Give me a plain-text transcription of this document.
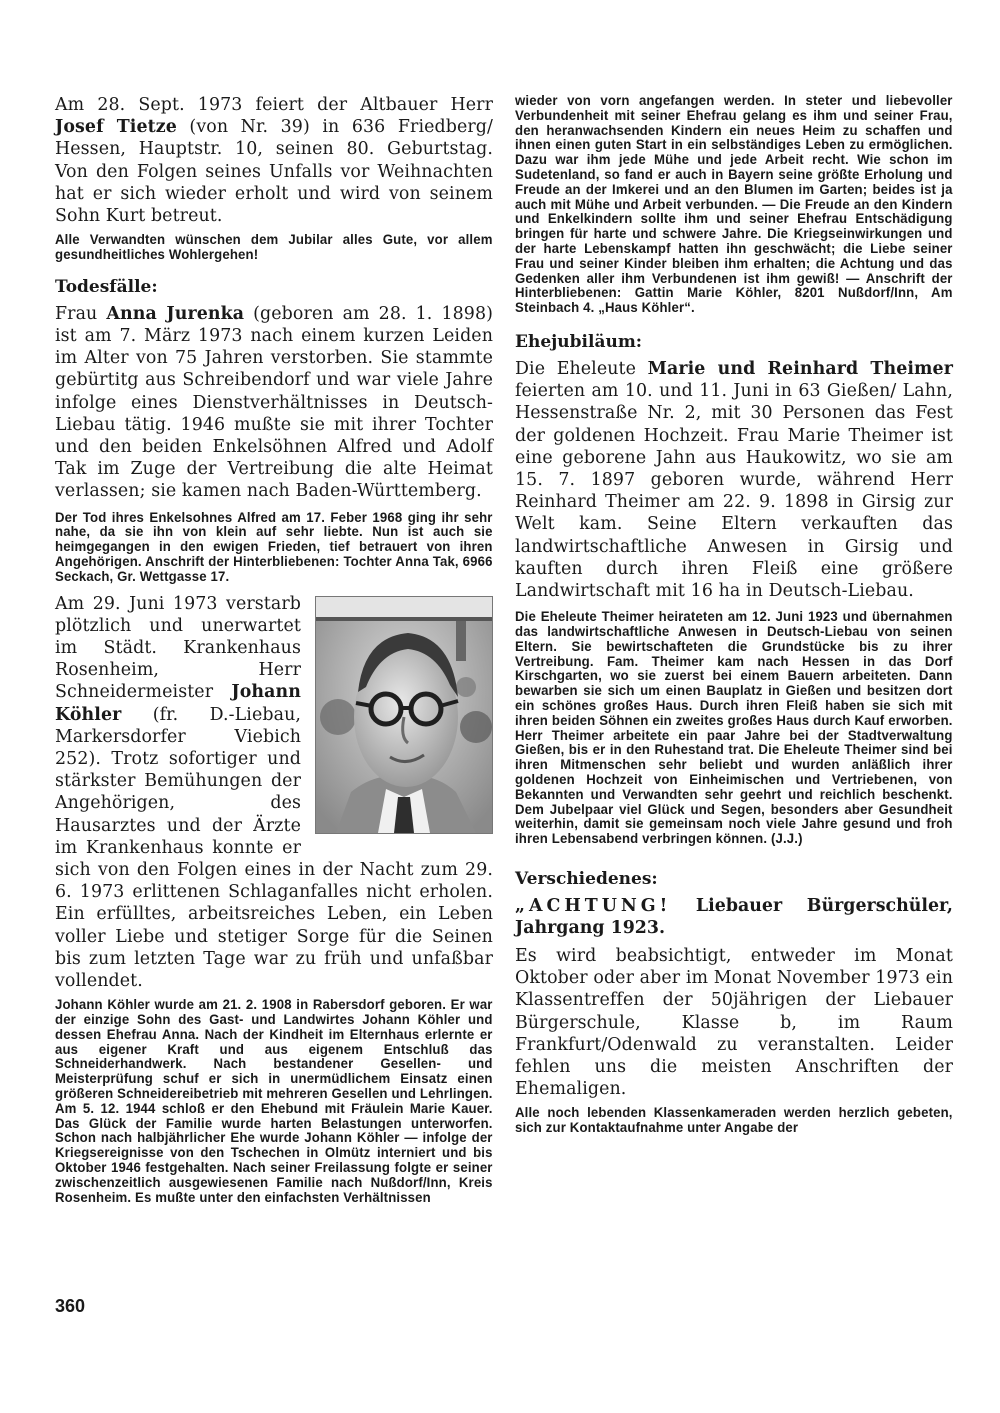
Am 28. Sept. 1973 feiert der Altbauer Herr Josef Tietze (von Nr. 39) in 636 Friedberg/ Hessen, Hauptstr. 10, seinen 80. Geburtstag. Von den Folgen seines Unfalls vor Weihnachten hat er sich wieder erholt und wird von seinem Sohn Kurt betreut.

Alle Verwandten wünschen dem Jubilar alles Gute, vor allem gesundheitliches Wohlergehen!

Todesfälle:

Frau Anna Jurenka (geboren am 28. 1. 1898) ist am 7. März 1973 nach einem kurzen Leiden im Alter von 75 Jahren verstorben. Sie stammte gebürtitg aus Schreibendorf und war viele Jahre infolge eines Dienstverhältnisses in Deutsch-Liebau tätig. 1946 mußte sie mit ihrer Tochter und den beiden Enkelsöhnen Alfred und Adolf Tak im Zuge der Vertreibung die alte Heimat verlassen; sie kamen nach Baden-Württemberg.

Der Tod ihres Enkelsohnes Alfred am 17. Feber 1968 ging ihr sehr nahe, da sie ihn von klein auf sehr liebte. Nun ist auch sie heimgegangen in den ewigen Frieden, tief betrauert von ihren Angehörigen. Anschrift der Hinterbliebenen: Tochter Anna Tak, 6966 Seckach, Gr. Wettgasse 17.

Am 29. Juni 1973 verstarb plötzlich und unerwartet im Städt. Krankenhaus Rosenheim, Herr Schneidermeister Johann Köhler (fr. D.-Liebau, Markersdorfer Viebich 252). Trotz sofortiger und stärkster Bemühungen der Angehörigen, des Hausarztes und der Ärzte im Krankenhaus konnte er sich von den Folgen eines in der Nacht zum 29. 6. 1973 erlittenen Schlaganfalles nicht erholen. Ein erfülltes, arbeitsreiches Leben, ein Leben voller Liebe und stetiger Sorge für die Seinen bis zum letzten Tage war zu früh und unfaßbar vollendet.

Johann Köhler wurde am 21. 2. 1908 in Rabersdorf geboren. Er war der einzige Sohn des Gast- und Landwirtes Johann Köhler und dessen Ehefrau Anna. Nach der Kindheit im Elternhaus erlernte er aus eigener Kraft und aus eigenem Entschluß das Schneiderhandwerk. Nach bestandener Gesellen- und Meisterprüfung schuf er sich in unermüdlichem Einsatz einen größeren Schneidereibetrieb mit mehreren Gesellen und Lehrlingen. Am 5. 12. 1944 schloß er den Ehebund mit Fräulein Marie Kauer. Das Glück der Familie wurde harten Belastungen unterworfen. Schon nach halbjährlicher Ehe wurde Johann Köhler — infolge der Kriegsereignisse von den Tschechen in Olmütz interniert und bis Oktober 1946 festgehalten. Nach seiner Freilassung folgte er seiner zwischenzeitlich ausgewiesenen Familie nach Nußdorf/Inn, Kreis Rosenheim. Es mußte unter den einfachsten Verhältnissen

wieder von vorn angefangen werden. In steter und liebevoller Verbundenheit mit seiner Ehefrau gelang es ihm und seiner Frau, den heranwachsenden Kindern ein neues Heim zu schaffen und ihnen einen guten Start in ein selbständiges Leben zu ermöglichen. Dazu war ihm jede Mühe und jede Arbeit recht. Wie schon im Sudetenland, so fand er auch in Bayern seine größte Erholung und Freude an der Imkerei und an den Blumen im Garten; beides ist ja auch mit Mühe und Arbeit verbunden. — Die Freude an den Kindern und Enkelkindern sollte ihm und seiner Ehefrau Entschädigung bringen für harte und schwere Jahre. Die Kriegseinwirkungen und der harte Lebenskampf hatten ihn geschwächt; die Liebe seiner Frau und seiner Kinder bleiben ihm erhalten; die Achtung und das Gedenken aller ihm Verbundenen ist ihm gewiß! — Anschrift der Hinterbliebenen: Gattin Marie Köhler, 8201 Nußdorf/Inn, Am Steinbach 4. „Haus Köhler“.

Ehejubiläum:

Die Eheleute Marie und Reinhard Theimer feierten am 10. und 11. Juni in 63 Gießen/ Lahn, Hessenstraße Nr. 2, mit 30 Personen das Fest der goldenen Hochzeit. Frau Marie Theimer ist eine geborene Jahn aus Haukowitz, wo sie am 15. 7. 1897 geboren wurde, während Herr Reinhard Theimer am 22. 9. 1898 in Girsig zur Welt kam. Seine Eltern verkauften das landwirtschaftliche Anwesen in Girsig und kauften durch ihren Fleiß eine größere Landwirtschaft mit 16 ha in Deutsch-Liebau.

Die Eheleute Theimer heirateten am 12. Juni 1923 und übernahmen das landwirtschaftliche Anwesen in Deutsch-Liebau von seinen Eltern. Sie bewirtschafteten die Grundstücke bis zu ihrer Vertreibung. Fam. Theimer kam nach Hessen in das Dorf Kirschgarten, wo sie zuerst bei einem Bauern arbeiteten. Dann bewarben sie sich um einen Bauplatz in Gießen und besitzen dort ein schönes großes Haus. Durch ihren Fleiß haben sie sich mit ihren beiden Söhnen ein zweites großes Haus durch Kauf erworben. Herr Theimer arbeitete ein paar Jahre bei der Stadtverwaltung Gießen, bis er in den Ruhestand trat. Die Eheleute Theimer sind bei ihren Mitmenschen sehr beliebt und wurden anläßlich ihrer goldenen Hochzeit von Einheimischen und Vertriebenen, von Bekannten und Verwandten sehr geehrt und reichlich beschenkt. Dem Jubelpaar viel Glück und Segen, besonders aber Gesundheit weiterhin, damit sie gemeinsam noch viele Jahre gesund und froh ihren Lebensabend verbringen können. (J.J.)

Verschiedenes:

„ACHTUNG! Liebauer Bürgerschüler, Jahrgang 1923.

Es wird beabsichtigt, entweder im Monat Oktober oder aber im Monat November 1973 ein Klassentreffen der 50jährigen der Liebauer Bürgerschule, Klasse b, im Raum Frankfurt/Odenwald zu veranstalten. Leider fehlen uns die meisten Anschriften der Ehemaligen.

Alle noch lebenden Klassenkameraden werden herzlich gebeten, sich zur Kontaktaufnahme unter Angabe der

360
